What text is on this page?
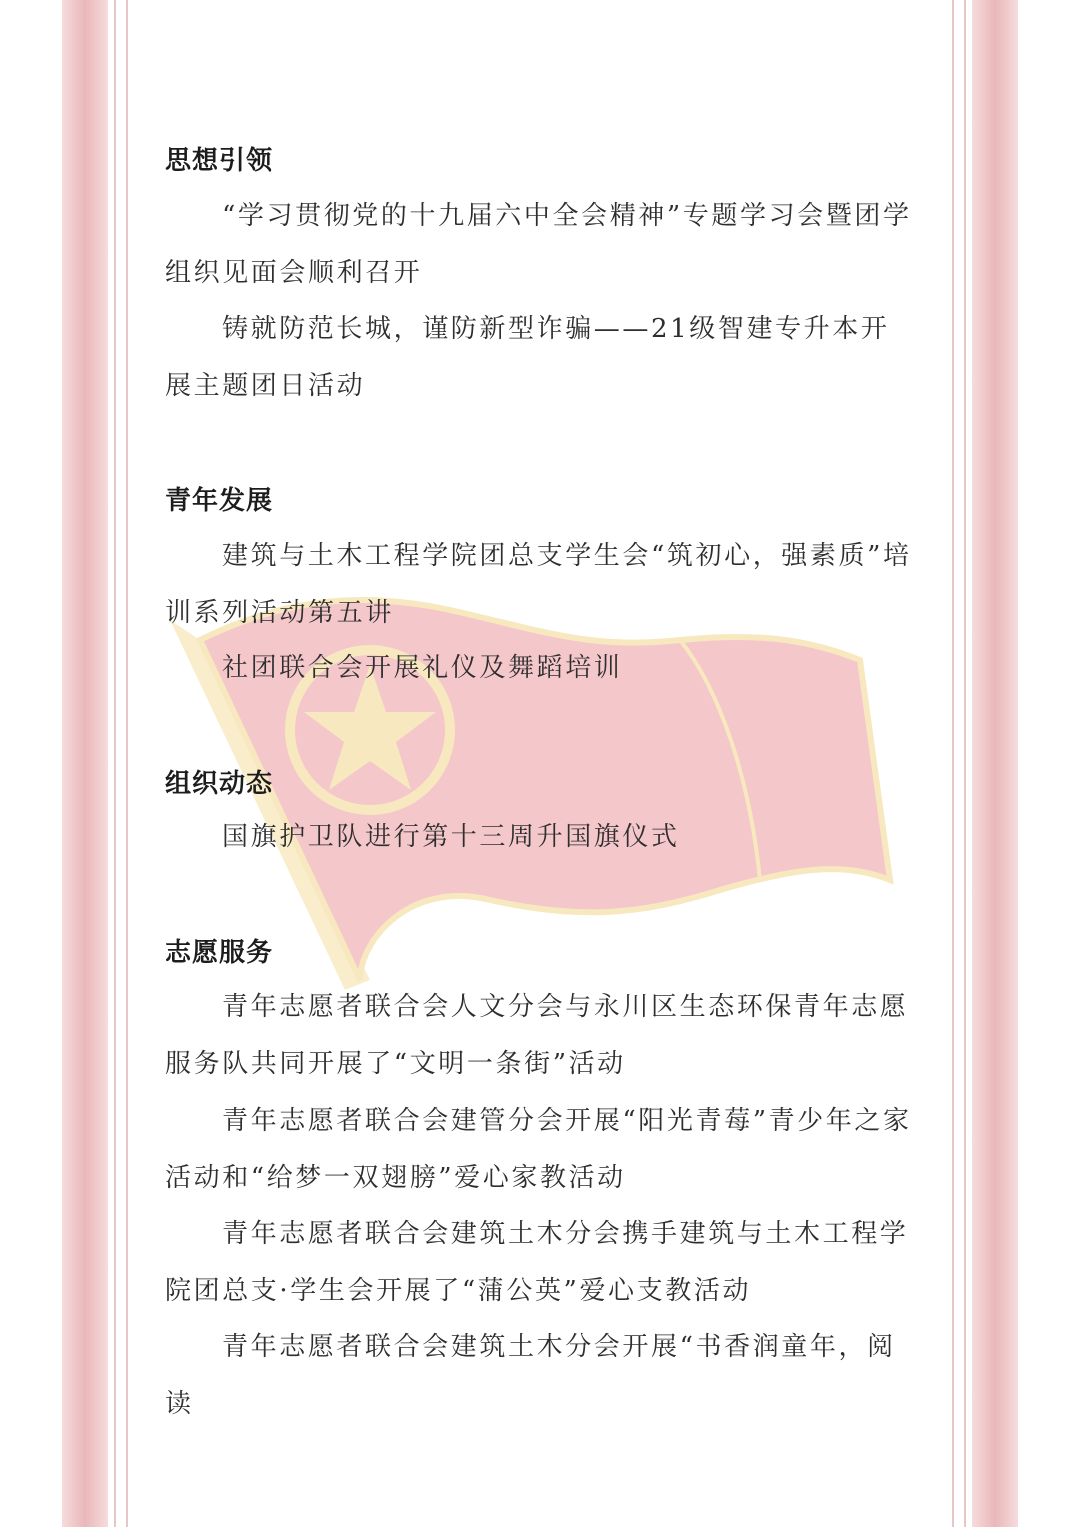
思想引领
“学习贯彻党的十九届六中全会精神”专题学习会暨团学组织见面会顺利召开
铸就防范长城，谨防新型诈骗——21级智建专升本开展主题团日活动
青年发展
建筑与土木工程学院团总支学生会“筑初心，强素质”培训系列活动第五讲
社团联合会开展礼仪及舞蹈培训
组织动态
国旗护卫队进行第十三周升国旗仪式
志愿服务
青年志愿者联合会人文分会与永川区生态环保青年志愿服务队共同开展了“文明一条街”活动
青年志愿者联合会建管分会开展“阳光青莓”青少年之家活动和“给梦一双翅膀”爱心家教活动
青年志愿者联合会建筑土木分会携手建筑与土木工程学院团总支·学生会开展了“蒲公英”爱心支教活动
青年志愿者联合会建筑土木分会开展“书香润童年，阅读
